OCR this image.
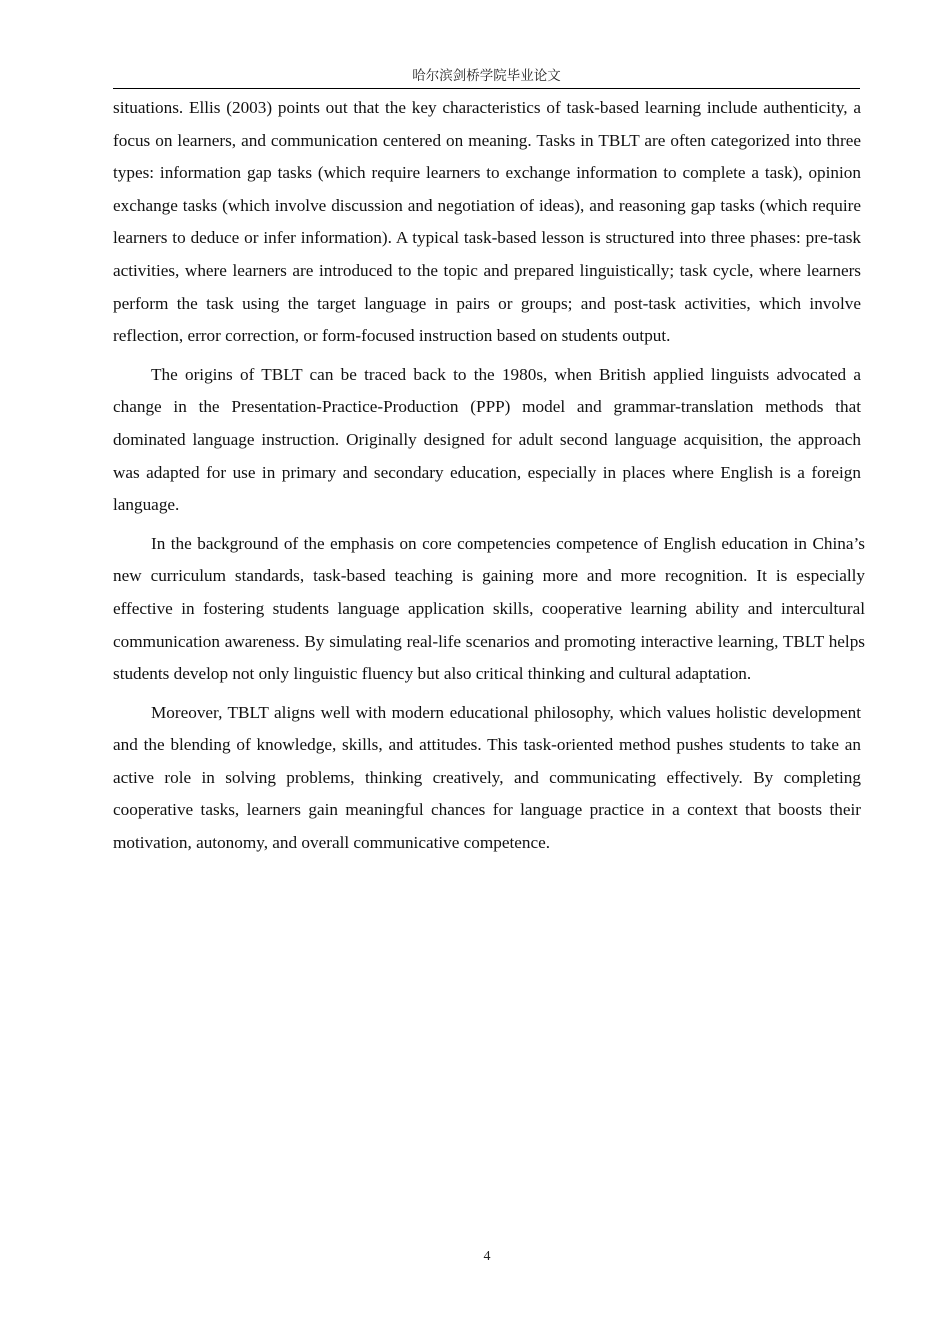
哈尔滨剑桥学院毕业论文

situations. Ellis (2003) points out that the key characteristics of task-based learning include authenticity, a focus on learners, and communication centered on meaning. Tasks in TBLT are often categorized into three types: information gap tasks (which require learners to exchange information to complete a task), opinion exchange tasks (which involve discussion and negotiation of ideas), and reasoning gap tasks (which require learners to deduce or infer information). A typical task-based lesson is structured into three phases: pre-task activities, where learners are introduced to the topic and prepared linguistically; task cycle, where learners perform the task using the target language in pairs or groups; and post-task activities, which involve reflection, error correction, or form-focused instruction based on students output.

The origins of TBLT can be traced back to the 1980s, when British applied linguists advocated a change in the Presentation-Practice-Production (PPP) model and grammar-translation methods that dominated language instruction. Originally designed for adult second language acquisition, the approach was adapted for use in primary and secondary education, especially in places where English is a foreign language.

In the background of the emphasis on core competencies competence of English education in China’s new curriculum standards, task-based teaching is gaining more and more recognition. It is especially effective in fostering students language application skills, cooperative learning ability and intercultural communication awareness. By simulating real-life scenarios and promoting interactive learning, TBLT helps students develop not only linguistic fluency but also critical thinking and cultural adaptation.

Moreover, TBLT aligns well with modern educational philosophy, which values holistic development and the blending of knowledge, skills, and attitudes. This task-oriented method pushes students to take an active role in solving problems, thinking creatively, and communicating effectively. By completing cooperative tasks, learners gain meaningful chances for language practice in a context that boosts their motivation, autonomy, and overall communicative competence.

4
